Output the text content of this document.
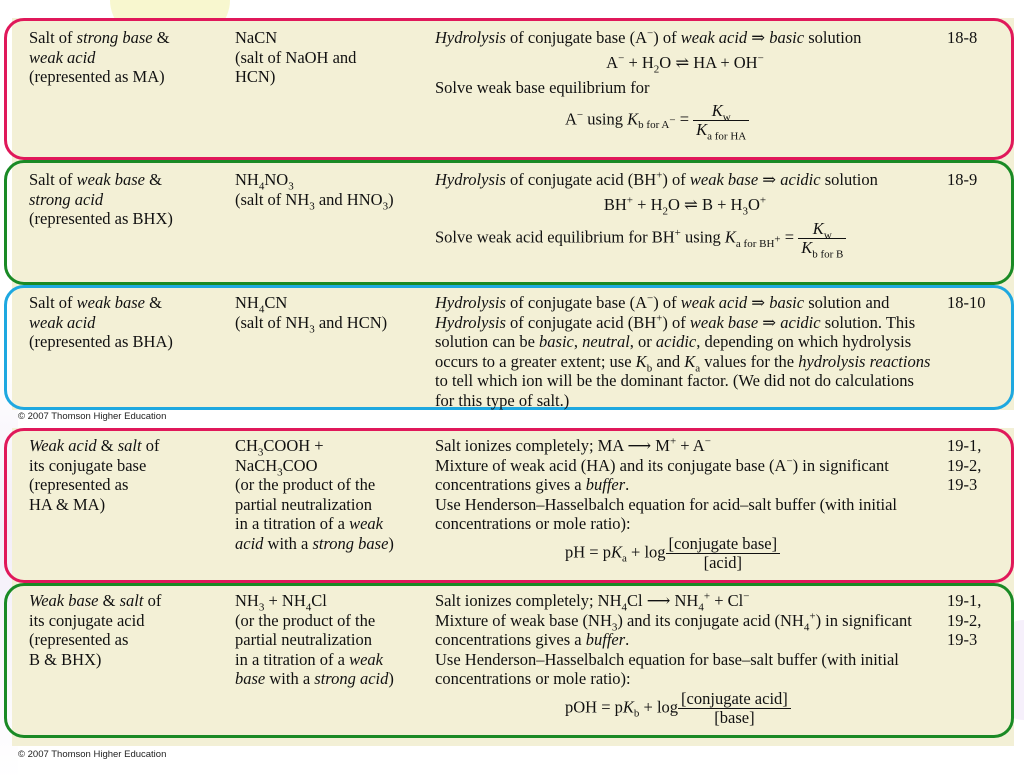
Salt of strong base &
weak acid
(represented as MA)
NaCN
(salt of NaOH and
HCN)
Hydrolysis of conjugate base (A−) of weak acid ⇒ basic solution
$A^- + H_2O$ ⇌ HA + OH−
Solve weak base equilibrium for
A− using $K_{b for A^-} = \frac{K_w}{K_{a for HA}}$
18-8
Salt of weak base &
strong acid
(represented as BHX)
$NH_4NO_3$
(salt of $NH_3$ and $HNO_3$)
Hydrolysis of conjugate acid (BH+) of weak base ⇒ acidic solution
$BH^+ + H_2O$ ⇌ $B + H_3O^+$
Solve weak acid equilibrium for BH+ using $K_{a for BH^+} = \frac{K_w}{K_{b for B}}$
18-9
Salt of weak base &
weak acid
(represented as BHA)
$NH_4CN$
(salt of $NH_3$ and HCN)
Hydrolysis of conjugate base (A−) of weak acid ⇒ basic solution and Hydrolysis of conjugate acid (BH+) of weak base ⇒ acidic solution. This solution can be basic, neutral, or acidic, depending on which hydrolysis occurs to a greater extent; use $K_b$ and $K_a$ values for the hydrolysis reactions to tell which ion will be the dominant factor. (We did not do calculations for this type of salt.)
18-10
© 2007 Thomson Higher Education
Weak acid & salt of
its conjugate base
(represented as
HA & MA)
$CH_3COOH$ +
NaCH$_3$COO
(or the product of the
partial neutralization
in a titration of a weak
acid with a strong base)
Salt ionizes completely; MA ⟶ M+ + A−
Mixture of weak acid (HA) and its conjugate base (A−) in significant concentrations gives a buffer.
Use Henderson–Hasselbalch equation for acid–salt buffer (with initial concentrations or mole ratio):
pH = $pK_a + \log \frac{\text{[conjugate base]}}{\text{[acid]}}$
19-1,
19-2,
19-3
Weak base & salt of
its conjugate acid
(represented as
B & BHX)
$NH_3 + NH_4Cl$
(or the product of the
partial neutralization
in a titration of a weak
base with a strong acid)
Salt ionizes completely; $NH_4Cl$ ⟶ $NH_4^+ + Cl^-$
Mixture of weak base $(NH_3)$ and its conjugate acid $(NH_4^+)$ in significant concentrations gives a buffer.
Use Henderson–Hasselbalch equation for base–salt buffer (with initial concentrations or mole ratio):
pOH = $pK_b + \log \frac{\text{[conjugate acid]}}{\text{[base]}}$
19-1,
19-2,
19-3
© 2007 Thomson Higher Education
